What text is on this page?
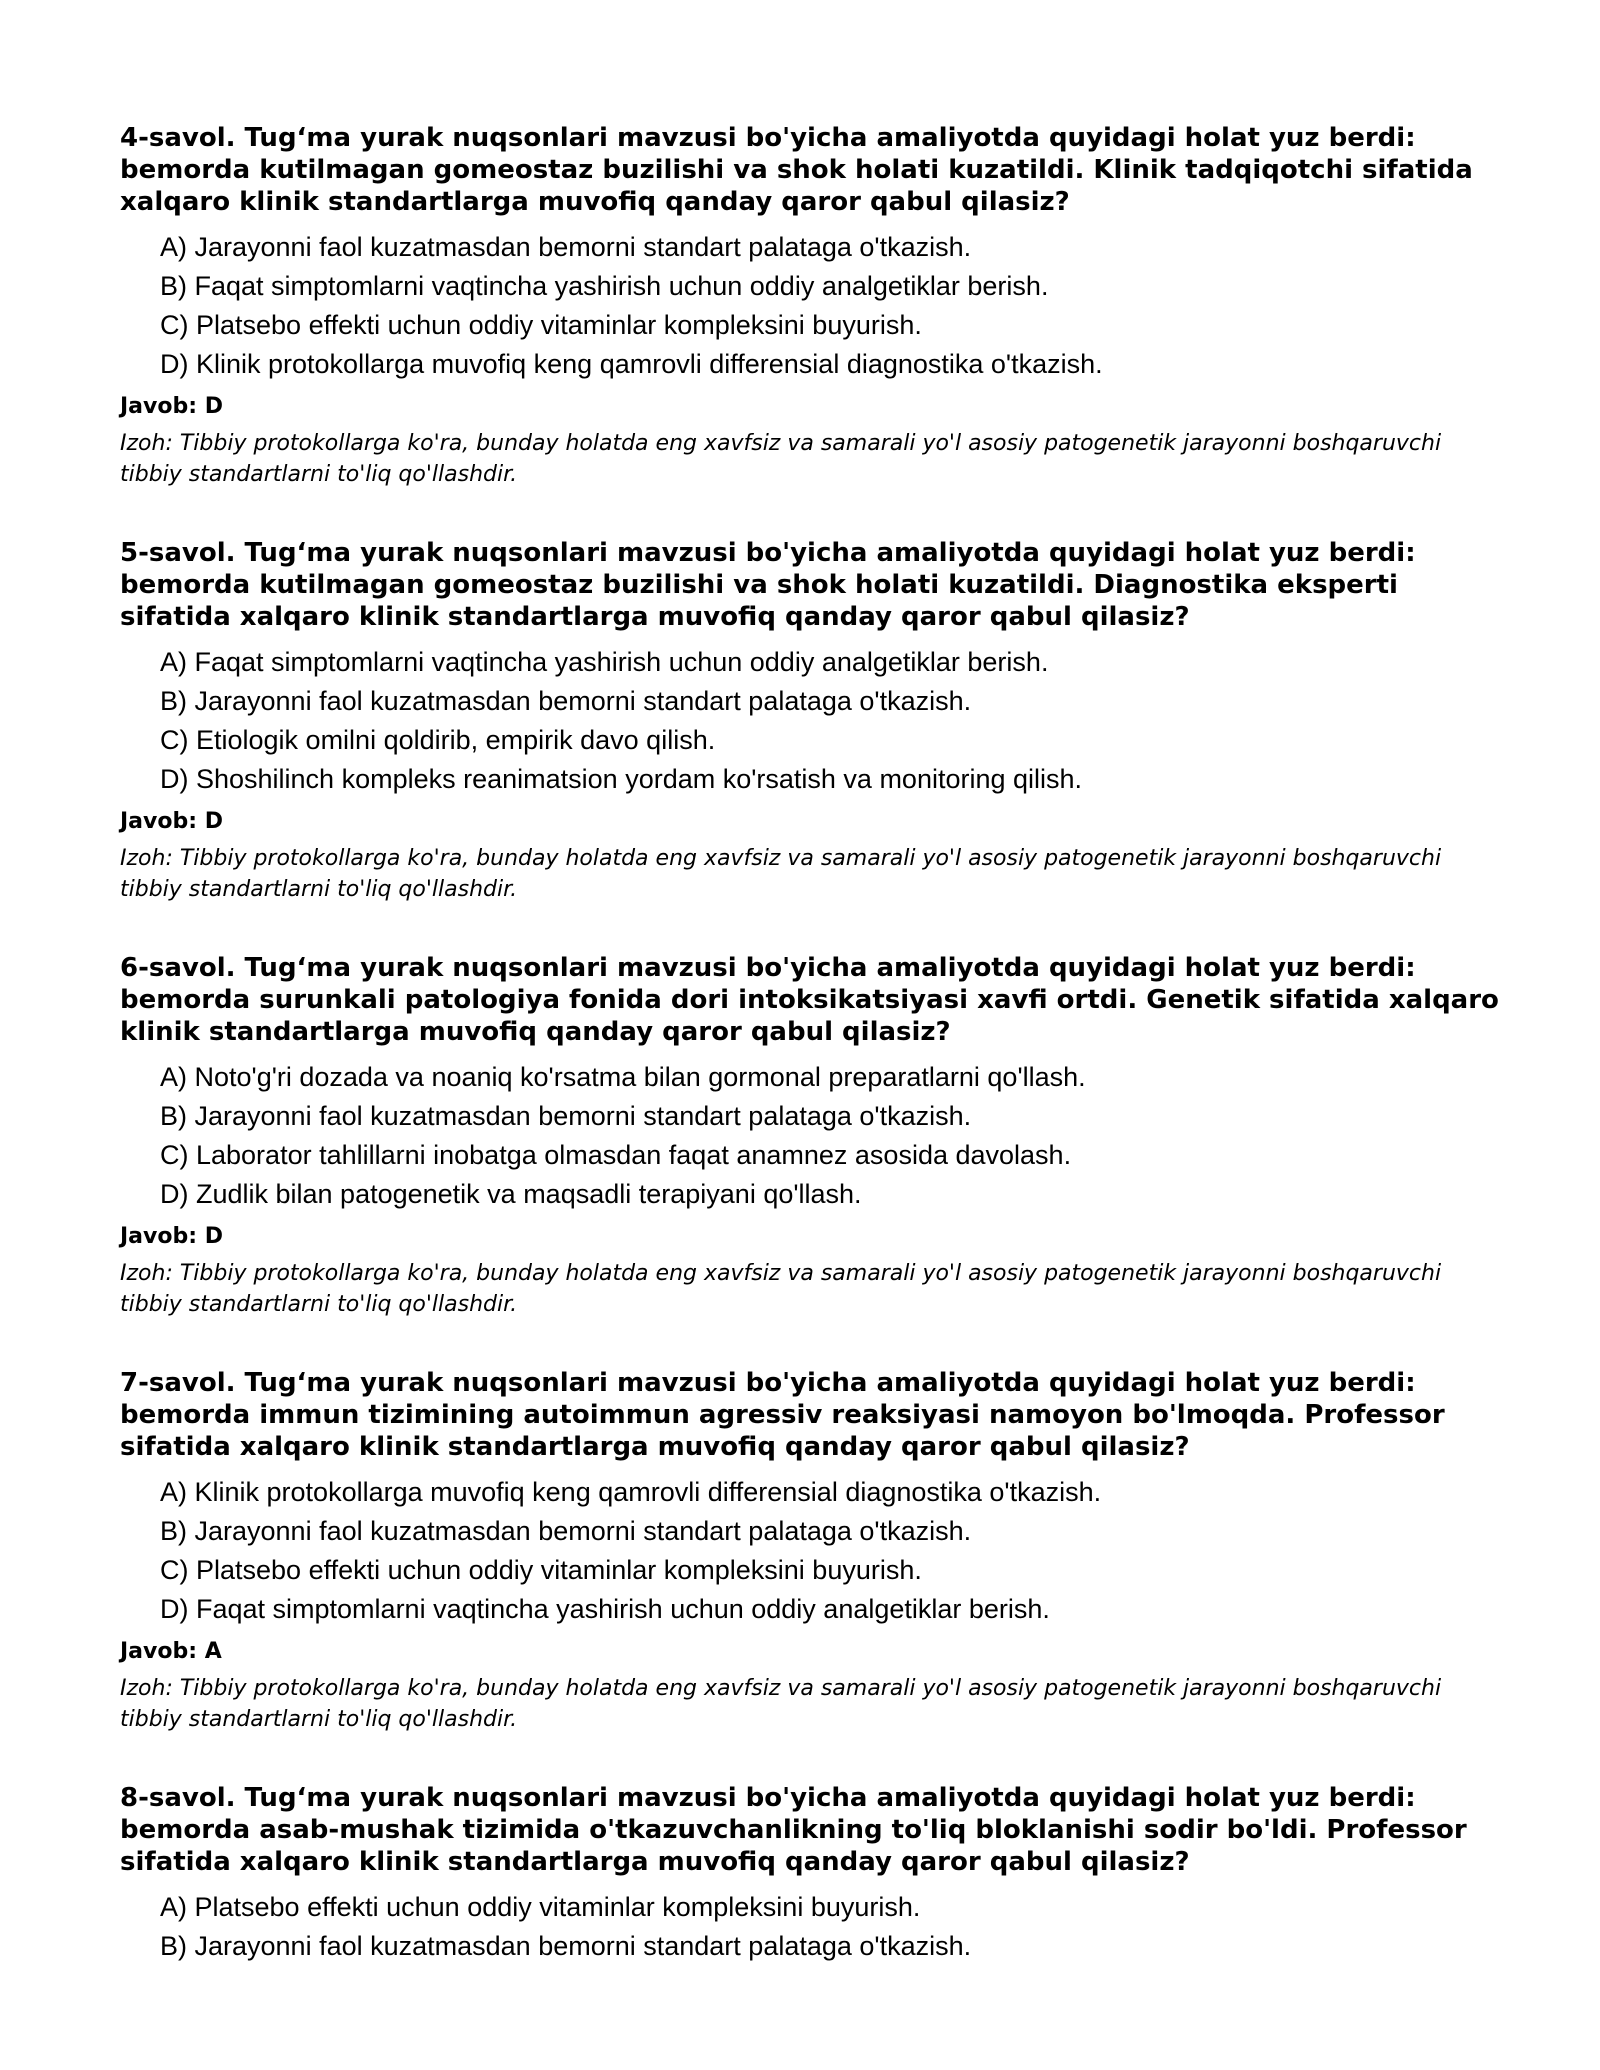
4-savol. Tug‘ma yurak nuqsonlari mavzusi bo'yicha amaliyotda quyidagi holat yuz berdi: bemorda kutilmagan gomeostaz buzilishi va shok holati kuzatildi. Klinik tadqiqotchi sifatida xalqaro klinik standartlarga muvofiq qanday qaror qabul qilasiz?

A) Jarayonni faol kuzatmasdan bemorni standart palataga o'tkazish.
B) Faqat simptomlarni vaqtincha yashirish uchun oddiy analgetiklar berish.
C) Platsebo effekti uchun oddiy vitaminlar kompleksini buyurish.
D) Klinik protokollarga muvofiq keng qamrovli differensial diagnostika o'tkazish.

Javob: D

Izoh: Tibbiy protokollarga ko'ra, bunday holatda eng xavfsiz va samarali yo'l asosiy patogenetik jarayonni boshqaruvchi tibbiy standartlarni to'liq qo'llashdir.

5-savol. Tug‘ma yurak nuqsonlari mavzusi bo'yicha amaliyotda quyidagi holat yuz berdi: bemorda kutilmagan gomeostaz buzilishi va shok holati kuzatildi. Diagnostika eksperti sifatida xalqaro klinik standartlarga muvofiq qanday qaror qabul qilasiz?

A) Faqat simptomlarni vaqtincha yashirish uchun oddiy analgetiklar berish.
B) Jarayonni faol kuzatmasdan bemorni standart palataga o'tkazish.
C) Etiologik omilni qoldirib, empirik davo qilish.
D) Shoshilinch kompleks reanimatsion yordam ko'rsatish va monitoring qilish.

Javob: D

Izoh: Tibbiy protokollarga ko'ra, bunday holatda eng xavfsiz va samarali yo'l asosiy patogenetik jarayonni boshqaruvchi tibbiy standartlarni to'liq qo'llashdir.

6-savol. Tug‘ma yurak nuqsonlari mavzusi bo'yicha amaliyotda quyidagi holat yuz berdi: bemorda surunkali patologiya fonida dori intoksikatsiyasi xavfi ortdi. Genetik sifatida xalqaro klinik standartlarga muvofiq qanday qaror qabul qilasiz?

A) Noto'g'ri dozada va noaniq ko'rsatma bilan gormonal preparatlarni qo'llash.
B) Jarayonni faol kuzatmasdan bemorni standart palataga o'tkazish.
C) Laborator tahlillarni inobatga olmasdan faqat anamnez asosida davolash.
D) Zudlik bilan patogenetik va maqsadli terapiyani qo'llash.

Javob: D

Izoh: Tibbiy protokollarga ko'ra, bunday holatda eng xavfsiz va samarali yo'l asosiy patogenetik jarayonni boshqaruvchi tibbiy standartlarni to'liq qo'llashdir.

7-savol. Tug‘ma yurak nuqsonlari mavzusi bo'yicha amaliyotda quyidagi holat yuz berdi: bemorda immun tizimining autoimmun agressiv reaksiyasi namoyon bo'lmoqda. Professor sifatida xalqaro klinik standartlarga muvofiq qanday qaror qabul qilasiz?

A) Klinik protokollarga muvofiq keng qamrovli differensial diagnostika o'tkazish.
B) Jarayonni faol kuzatmasdan bemorni standart palataga o'tkazish.
C) Platsebo effekti uchun oddiy vitaminlar kompleksini buyurish.
D) Faqat simptomlarni vaqtincha yashirish uchun oddiy analgetiklar berish.

Javob: A

Izoh: Tibbiy protokollarga ko'ra, bunday holatda eng xavfsiz va samarali yo'l asosiy patogenetik jarayonni boshqaruvchi tibbiy standartlarni to'liq qo'llashdir.

8-savol. Tug‘ma yurak nuqsonlari mavzusi bo'yicha amaliyotda quyidagi holat yuz berdi: bemorda asab-mushak tizimida o'tkazuvchanlikning to'liq bloklanishi sodir bo'ldi. Professor sifatida xalqaro klinik standartlarga muvofiq qanday qaror qabul qilasiz?

A) Platsebo effekti uchun oddiy vitaminlar kompleksini buyurish.
B) Jarayonni faol kuzatmasdan bemorni standart palataga o'tkazish.
